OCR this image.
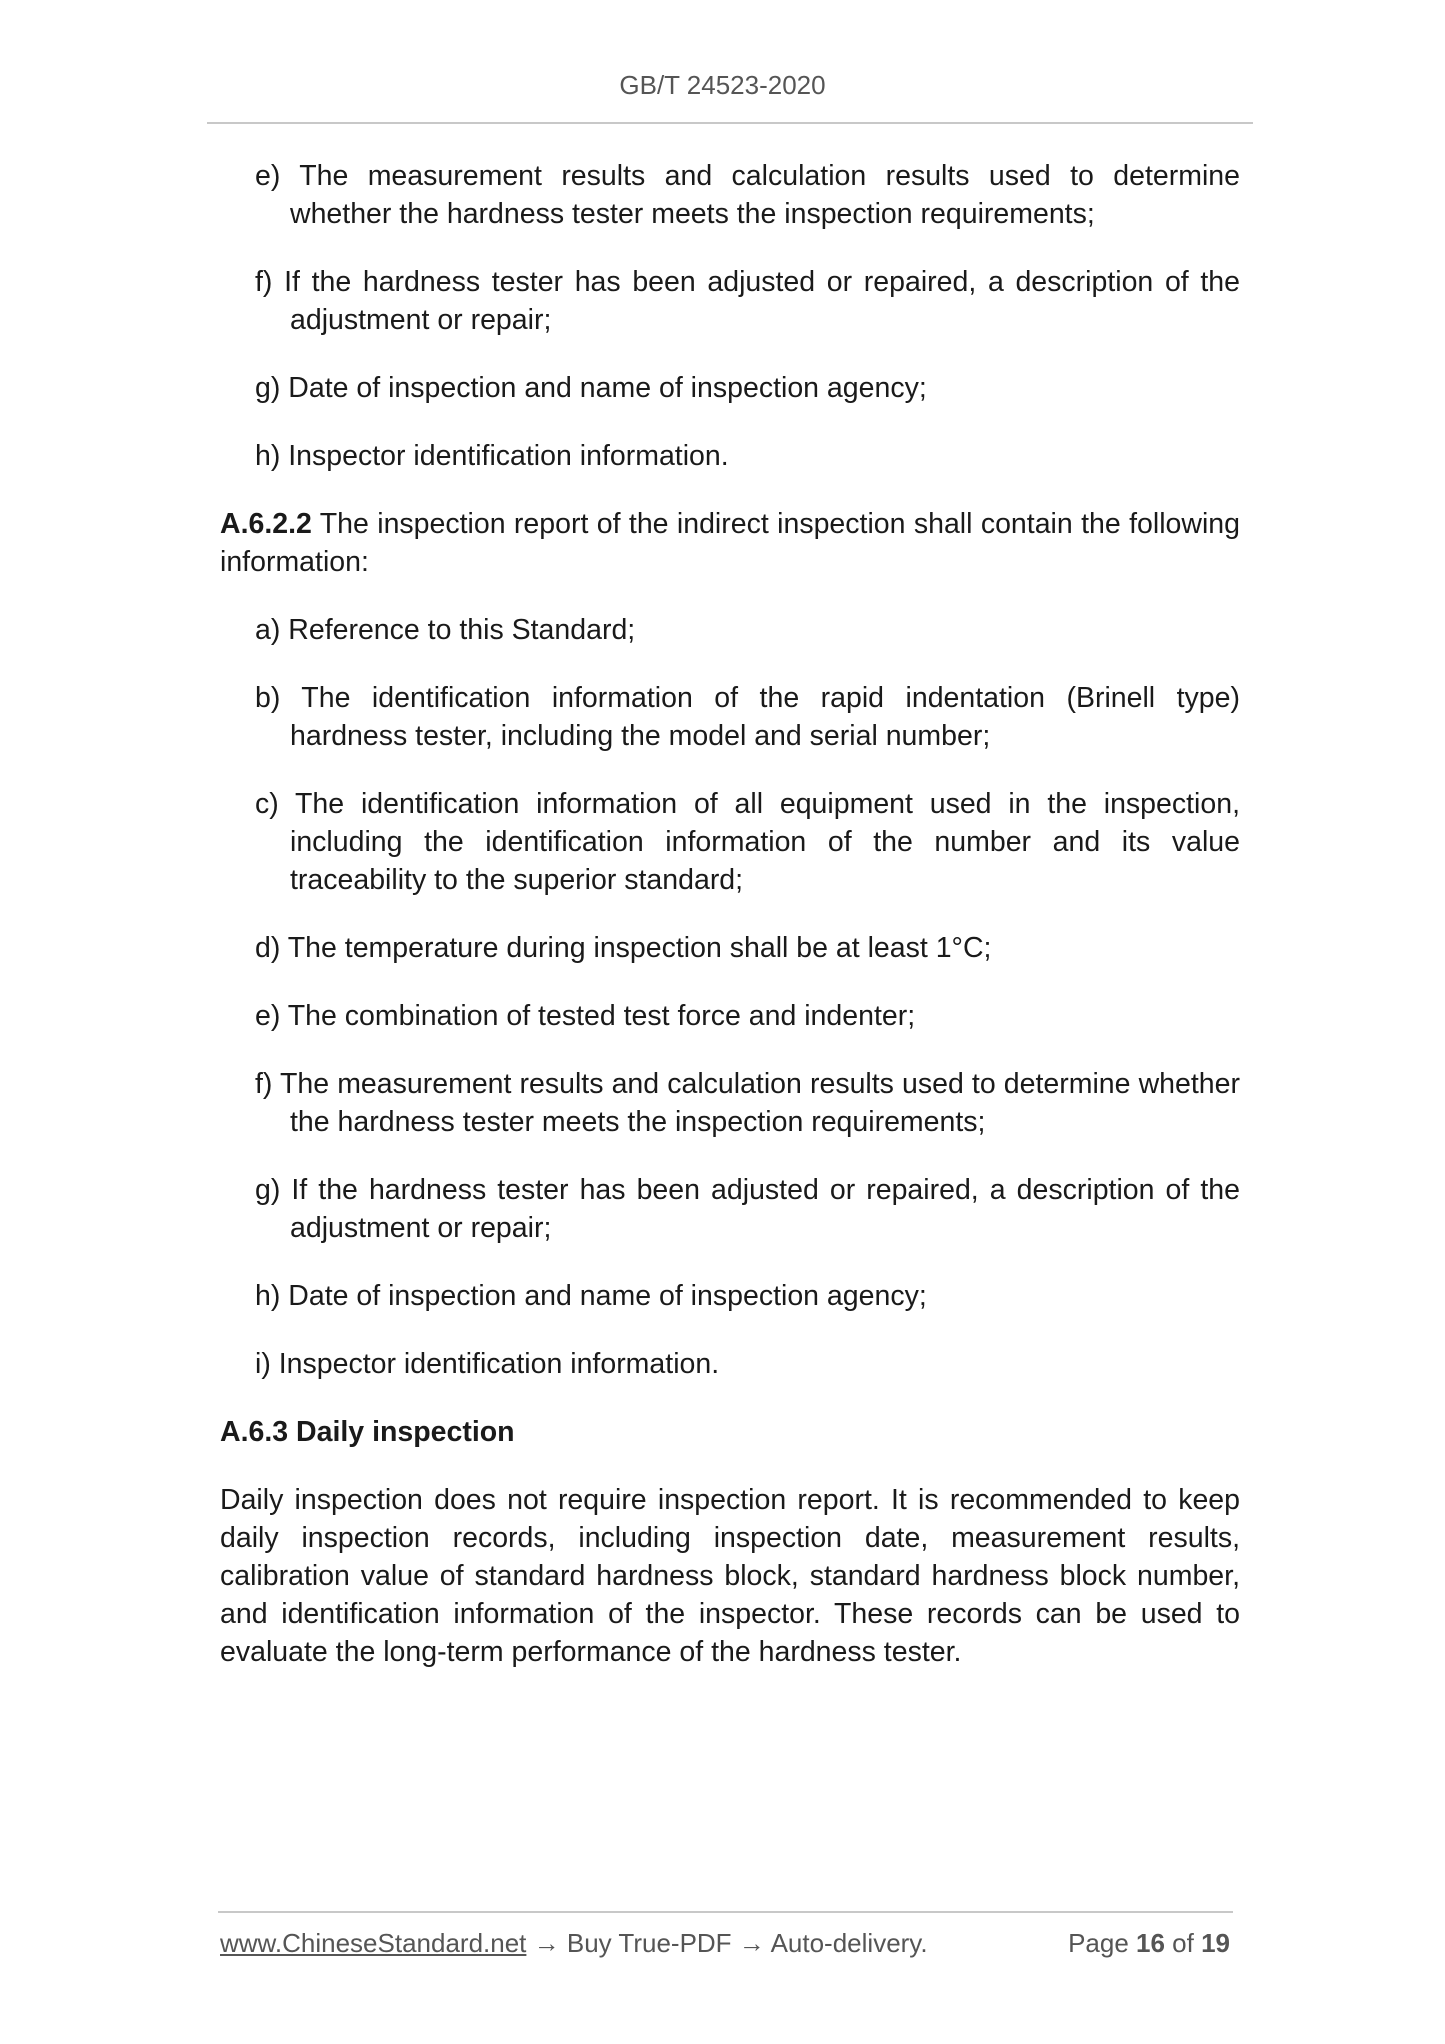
GB/T 24523-2020
e) The measurement results and calculation results used to determine whether the hardness tester meets the inspection requirements;
f) If the hardness tester has been adjusted or repaired, a description of the adjustment or repair;
g) Date of inspection and name of inspection agency;
h) Inspector identification information.
A.6.2.2 The inspection report of the indirect inspection shall contain the following information:
a) Reference to this Standard;
b) The identification information of the rapid indentation (Brinell type) hardness tester, including the model and serial number;
c) The identification information of all equipment used in the inspection, including the identification information of the number and its value traceability to the superior standard;
d) The temperature during inspection shall be at least 1°C;
e) The combination of tested test force and indenter;
f) The measurement results and calculation results used to determine whether the hardness tester meets the inspection requirements;
g) If the hardness tester has been adjusted or repaired, a description of the adjustment or repair;
h) Date of inspection and name of inspection agency;
i) Inspector identification information.
A.6.3 Daily inspection
Daily inspection does not require inspection report. It is recommended to keep daily inspection records, including inspection date, measurement results, calibration value of standard hardness block, standard hardness block number, and identification information of the inspector. These records can be used to evaluate the long-term performance of the hardness tester.
www.ChineseStandard.net → Buy True-PDF → Auto-delivery.	Page 16 of 19
